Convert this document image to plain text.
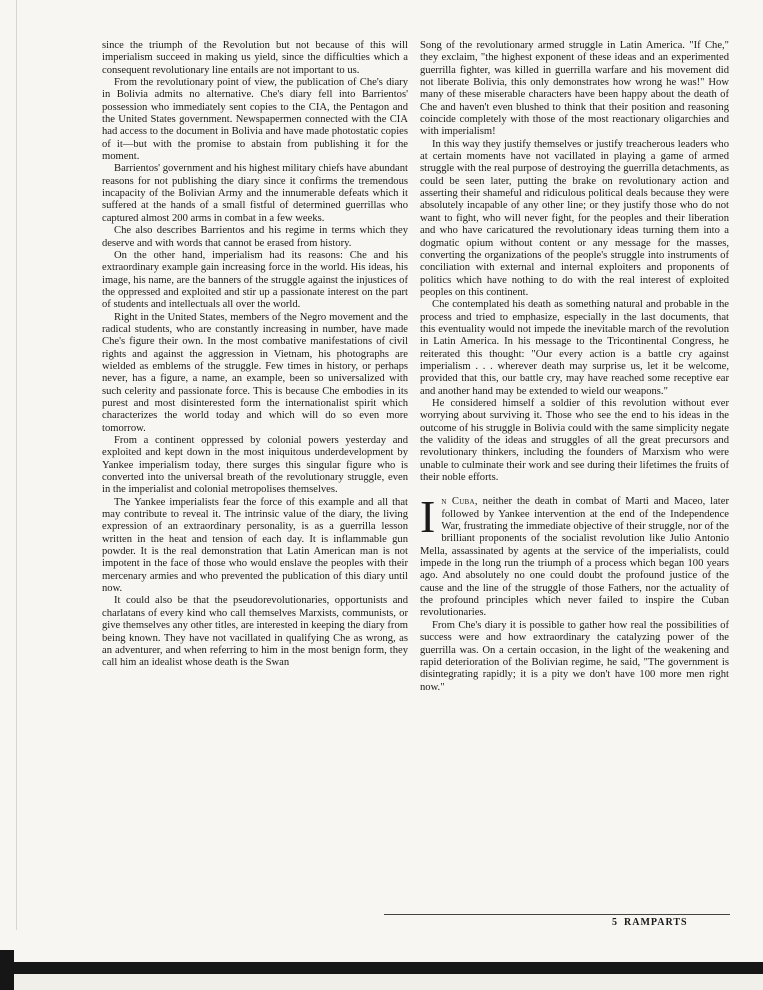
since the triumph of the Revolution but not because of this will imperialism succeed in making us yield, since the difficulties which a consequent revolutionary line entails are not important to us.

From the revolutionary point of view, the publication of Che's diary in Bolivia admits no alternative. Che's diary fell into Barrientos' possession who immediately sent copies to the CIA, the Pentagon and the United States government. Newspapermen connected with the CIA had access to the document in Bolivia and have made photostatic copies of it—but with the promise to abstain from publishing it for the moment.

Barrientos' government and his highest military chiefs have abundant reasons for not publishing the diary since it confirms the tremendous incapacity of the Bolivian Army and the innumerable defeats which it suffered at the hands of a small fistful of determined guerrillas who captured almost 200 arms in combat in a few weeks.

Che also describes Barrientos and his regime in terms which they deserve and with words that cannot be erased from history.

On the other hand, imperialism had its reasons: Che and his extraordinary example gain increasing force in the world. His ideas, his image, his name, are the banners of the struggle against the injustices of the oppressed and exploited and stir up a passionate interest on the part of students and intellectuals all over the world.

Right in the United States, members of the Negro movement and the radical students, who are constantly increasing in number, have made Che's figure their own. In the most combative manifestations of civil rights and against the aggression in Vietnam, his photographs are wielded as emblems of the struggle. Few times in history, or perhaps never, has a figure, a name, an example, been so universalized with such celerity and passionate force. This is because Che embodies in its purest and most disinterested form the internationalist spirit which characterizes the world today and which will do so even more tomorrow.

From a continent oppressed by colonial powers yesterday and exploited and kept down in the most iniquitous underdevelopment by Yankee imperialism today, there surges this singular figure who is converted into the universal breath of the revolutionary struggle, even in the imperialist and colonial metropolises themselves.

The Yankee imperialists fear the force of this example and all that may contribute to reveal it. The intrinsic value of the diary, the living expression of an extraordinary personality, is as a guerrilla lesson written in the heat and tension of each day. It is inflammable gun powder. It is the real demonstration that Latin American man is not impotent in the face of those who would enslave the peoples with their mercenary armies and who prevented the publication of this diary until now.

It could also be that the pseudorevolutionaries, opportunists and charlatans of every kind who call themselves Marxists, communists, or give themselves any other titles, are interested in keeping the diary from being known. They have not vacillated in qualifying Che as wrong, as an adventurer, and when referring to him in the most benign form, they call him an idealist whose death is the Swan

Song of the revolutionary armed struggle in Latin America. "If Che," they exclaim, "the highest exponent of these ideas and an experimented guerrilla fighter, was killed in guerrilla warfare and his movement did not liberate Bolivia, this only demonstrates how wrong he was!" How many of these miserable characters have been happy about the death of Che and haven't even blushed to think that their position and reasoning coincide completely with those of the most reactionary oligarchies and with imperialism!

In this way they justify themselves or justify treacherous leaders who at certain moments have not vacillated in playing a game of armed struggle with the real purpose of destroying the guerrilla detachments, as could be seen later, putting the brake on revolutionary action and asserting their shameful and ridiculous political deals because they were absolutely incapable of any other line; or they justify those who do not want to fight, who will never fight, for the peoples and their liberation and who have caricatured the revolutionary ideas turning them into a dogmatic opium without content or any message for the masses, converting the organizations of the people's struggle into instruments of conciliation with external and internal exploiters and proponents of politics which have nothing to do with the real interest of exploited peoples on this continent.

Che contemplated his death as something natural and probable in the process and tried to emphasize, especially in the last documents, that this eventuality would not impede the inevitable march of the revolution in Latin America. In his message to the Tricontinental Congress, he reiterated this thought: "Our every action is a battle cry against imperialism . . . wherever death may surprise us, let it be welcome, provided that this, our battle cry, may have reached some receptive ear and another hand may be extended to wield our weapons."

He considered himself a soldier of this revolution without ever worrying about surviving it. Those who see the end to his ideas in the outcome of his struggle in Bolivia could with the same simplicity negate the validity of the ideas and struggles of all the great precursors and revolutionary thinkers, including the founders of Marxism who were unable to culminate their work and see during their lifetimes the fruits of their noble efforts.

In Cuba, neither the death in combat of Marti and Maceo, later followed by Yankee intervention at the end of the Independence War, frustrating the immediate objective of their struggle, nor of the brilliant proponents of the socialist revolution like Julio Antonio Mella, assassinated by agents at the service of the imperialists, could impede in the long run the triumph of a process which began 100 years ago. And absolutely no one could doubt the profound justice of the cause and the line of the struggle of those Fathers, nor the actuality of the profound principles which never failed to inspire the Cuban revolutionaries.

From Che's diary it is possible to gather how real the possibilities of success were and how extraordinary the catalyzing power of the guerrilla was. On a certain occasion, in the light of the weakening and rapid deterioration of the Bolivian regime, he said, "The government is disintegrating rapidly; it is a pity we don't have 100 more men right now."

5 RAMPARTS
